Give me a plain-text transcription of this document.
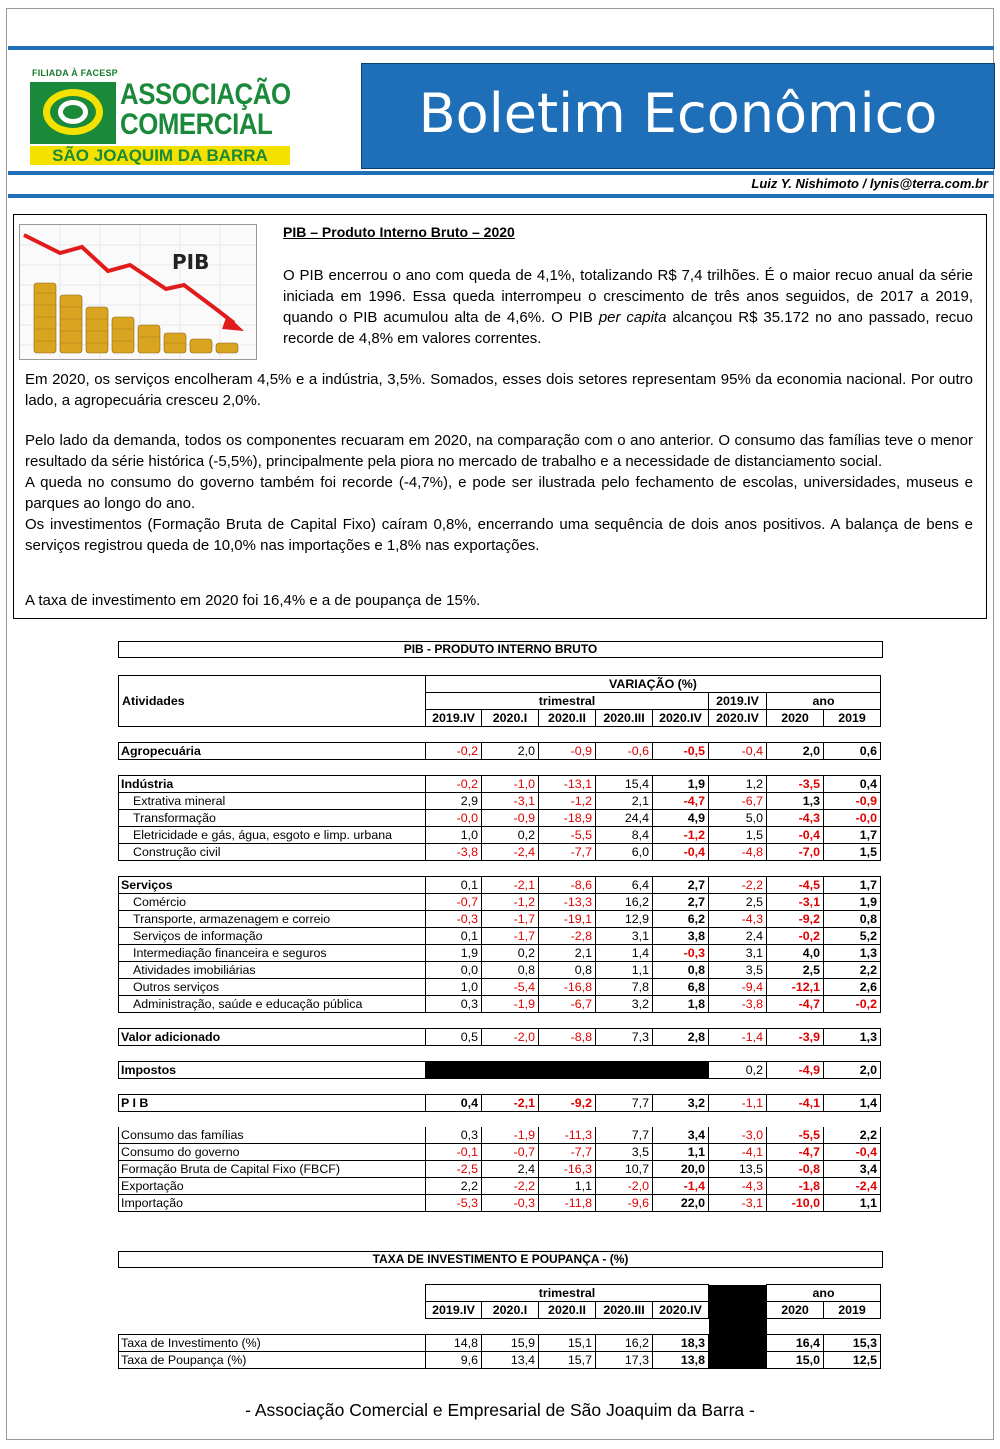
FILIADA À FACESP
ASSOCIAÇÃO
COMERCIAL
SÃO JOAQUIM DA BARRA
Boletim Econômico
Luiz Y. Nishimoto / lynis@terra.com.br
PIB
PIB – Produto Interno Bruto – 2020
O PIB encerrou o ano com queda de 4,1%, totalizando R$ 7,4 trilhões. É o maior recuo anual da série iniciada em 1996. Essa queda interrompeu o crescimento de três anos seguidos, de 2017 a 2019, quando o PIB acumulou alta de 4,6%. O PIB per capita alcançou R$ 35.172 no ano passado, recuo recorde de 4,8% em valores correntes.
Em 2020, os serviços encolheram 4,5% e a indústria, 3,5%. Somados, esses dois setores representam 95% da economia nacional. Por outro lado, a agropecuária cresceu 2,0%.
Pelo lado da demanda, todos os componentes recuaram em 2020, na comparação com o ano anterior. O consumo das famílias teve o menor resultado da série histórica (-5,5%), principalmente pela piora no mercado de trabalho e a necessidade de distanciamento social.
A queda no consumo do governo também foi recorde (-4,7%), e pode ser ilustrada pelo fechamento de escolas, universidades, museus e parques ao longo do ano.
Os investimentos (Formação Bruta de Capital Fixo) caíram 0,8%, encerrando uma sequência de dois anos positivos. A balança de bens e serviços registrou queda de 10,0% nas importações e 1,8% nas exportações.
A taxa de investimento em 2020 foi 16,4% e a de poupança de 15%.
PIB - PRODUTO INTERNO BRUTO
Atividades	VARIAÇÃO (%)							
	trimestral					2019.IV	ano	
	2019.IV	2020.I	2020.II	2020.III	2020.IV	2020.IV	2020	2019

Agropecuária	-0,2	2,0	-0,9	-0,6	-0,5	-0,4	2,0	0,6

Indústria	-0,2	-1,0	-13,1	15,4	1,9	1,2	-3,5	0,4
Extrativa mineral	2,9	-3,1	-1,2	2,1	-4,7	-6,7	1,3	-0,9
Transformação	-0,0	-0,9	-18,9	24,4	4,9	5,0	-4,3	-0,0
Eletricidade e gás, água, esgoto e limp. urbana	1,0	0,2	-5,5	8,4	-1,2	1,5	-0,4	1,7
Construção civil	-3,8	-2,4	-7,7	6,0	-0,4	-4,8	-7,0	1,5

Serviços	0,1	-2,1	-8,6	6,4	2,7	-2,2	-4,5	1,7
Comércio	-0,7	-1,2	-13,3	16,2	2,7	2,5	-3,1	1,9
Transporte, armazenagem e correio	-0,3	-1,7	-19,1	12,9	6,2	-4,3	-9,2	0,8
Serviços de informação	0,1	-1,7	-2,8	3,1	3,8	2,4	-0,2	5,2
Intermediação financeira e seguros	1,9	0,2	2,1	1,4	-0,3	3,1	4,0	1,3
Atividades imobiliárias	0,0	0,8	0,8	1,1	0,8	3,5	2,5	2,2
Outros serviços	1,0	-5,4	-16,8	7,8	6,8	-9,4	-12,1	2,6
Administração, saúde e educação pública	0,3	-1,9	-6,7	3,2	1,8	-3,8	-4,7	-0,2

Valor adicionado	0,5	-2,0	-8,8	7,3	2,8	-1,4	-3,9	1,3

Impostos						0,2	-4,9	2,0

P I B	0,4	-2,1	-9,2	7,7	3,2	-1,1	-4,1	1,4

Consumo das famílias	0,3	-1,9	-11,3	7,7	3,4	-3,0	-5,5	2,2
Consumo do governo	-0,1	-0,7	-7,7	3,5	1,1	-4,1	-4,7	-0,4
Formação Bruta de Capital Fixo (FBCF)	-2,5	2,4	-16,3	10,7	20,0	13,5	-0,8	3,4
Exportação	2,2	-2,2	1,1	-2,0	-1,4	-4,3	-1,8	-2,4
Importação	-5,3	-0,3	-11,8	-9,6	22,0	-3,1	-10,0	1,1
TAXA DE INVESTIMENTO E POUPANÇA - (%)
	trimestral						ano	
	2019.IV	2020.I	2020.II	2020.III	2020.IV		2020	2019

Taxa de Investimento (%)	14,8	15,9	15,1	16,2	18,3		16,4	15,3
Taxa de Poupança (%)	9,6	13,4	15,7	17,3	13,8		15,0	12,5
- Associação Comercial e Empresarial de São Joaquim da Barra -
